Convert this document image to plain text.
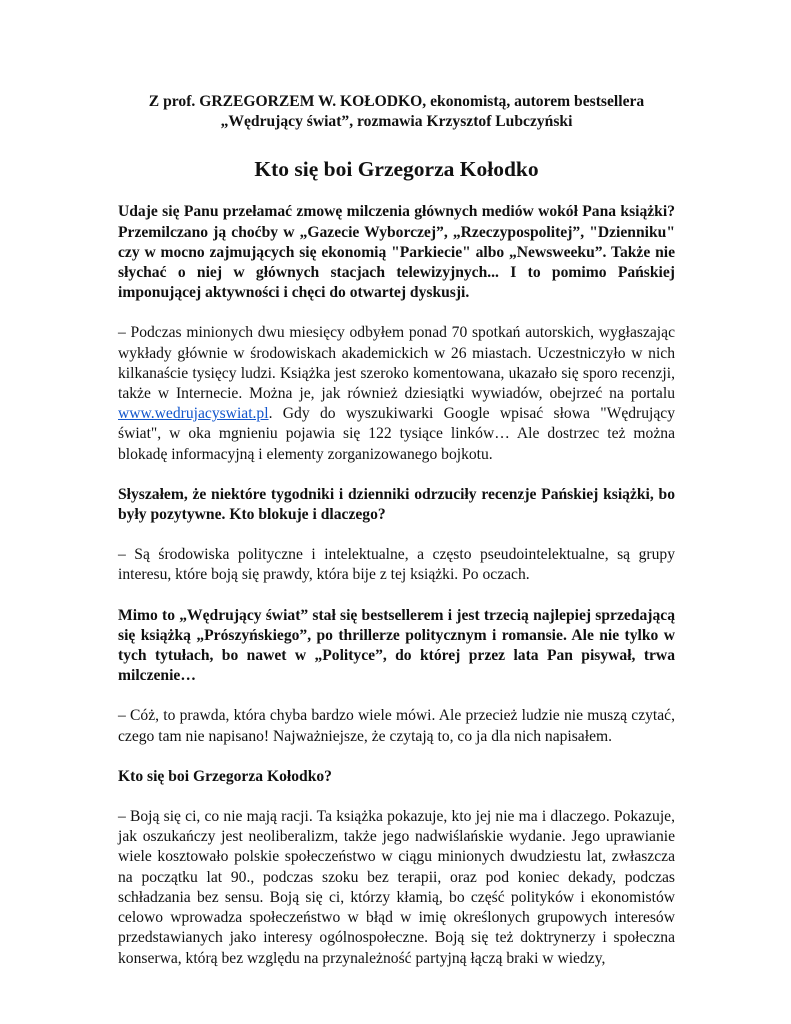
Z prof. GRZEGORZEM W. KOŁODKO, ekonomistą, autorem bestsellera
„Wędrujący świat”, rozmawia Krzysztof Lubczyński

Kto się boi Grzegorza Kołodko

Udaje się Panu przełamać zmowę milczenia głównych mediów wokół Pana książki? Przemilczano ją choćby w „Gazecie Wyborczej”, „Rzeczypospolitej”, "Dzienniku" czy w mocno zajmujących się ekonomią "Parkiecie" albo „Newsweeku”. Także nie słychać o niej w głównych stacjach telewizyjnych... I to pomimo Pańskiej imponującej aktywności i chęci do otwartej dyskusji.

– Podczas minionych dwu miesięcy odbyłem ponad 70 spotkań autorskich, wygłaszając wykłady głównie w środowiskach akademickich w 26 miastach. Uczestniczyło w nich kilkanaście tysięcy ludzi. Książka jest szeroko komentowana, ukazało się sporo recenzji, także w Internecie. Można je, jak również dziesiątki wywiadów, obejrzeć na portalu www.wedrujacyswiat.pl. Gdy do wyszukiwarki Google wpisać słowa "Wędrujący świat", w oka mgnieniu pojawia się 122 tysiące linków… Ale dostrzec też można blokadę informacyjną i elementy zorganizowanego bojkotu.

Słyszałem, że niektóre tygodniki i dzienniki odrzuciły recenzje Pańskiej książki, bo były pozytywne. Kto blokuje i dlaczego?

– Są środowiska polityczne i intelektualne, a często pseudointelektualne, są grupy interesu, które boją się prawdy, która bije z tej książki. Po oczach.

Mimo to „Wędrujący świat” stał się bestsellerem i jest trzecią najlepiej sprzedającą się książką „Prószyńskiego”, po thrillerze politycznym i romansie. Ale nie tylko w tych tytułach, bo nawet w „Polityce”, do której przez lata Pan pisywał, trwa milczenie…

– Cóż, to prawda, która chyba bardzo wiele mówi. Ale przecież ludzie nie muszą czytać, czego tam nie napisano! Najważniejsze, że czytają to, co ja dla nich napisałem.

Kto się boi Grzegorza Kołodko?

– Boją się ci, co nie mają racji. Ta książka pokazuje, kto jej nie ma i dlaczego. Pokazuje, jak oszukańczy jest neoliberalizm, także jego nadwiślańskie wydanie. Jego uprawianie wiele kosztowało polskie społeczeństwo w ciągu minionych dwudziestu lat, zwłaszcza na początku lat 90., podczas szoku bez terapii, oraz pod koniec dekady, podczas schładzania bez sensu. Boją się ci, którzy kłamią, bo część polityków i ekonomistów celowo wprowadza społeczeństwo w błąd w imię określonych grupowych interesów przedstawianych jako interesy ogólnospołeczne. Boją się też doktrynerzy i społeczna konserwa, którą bez względu na przynależność partyjną łączą braki w wiedzy,
